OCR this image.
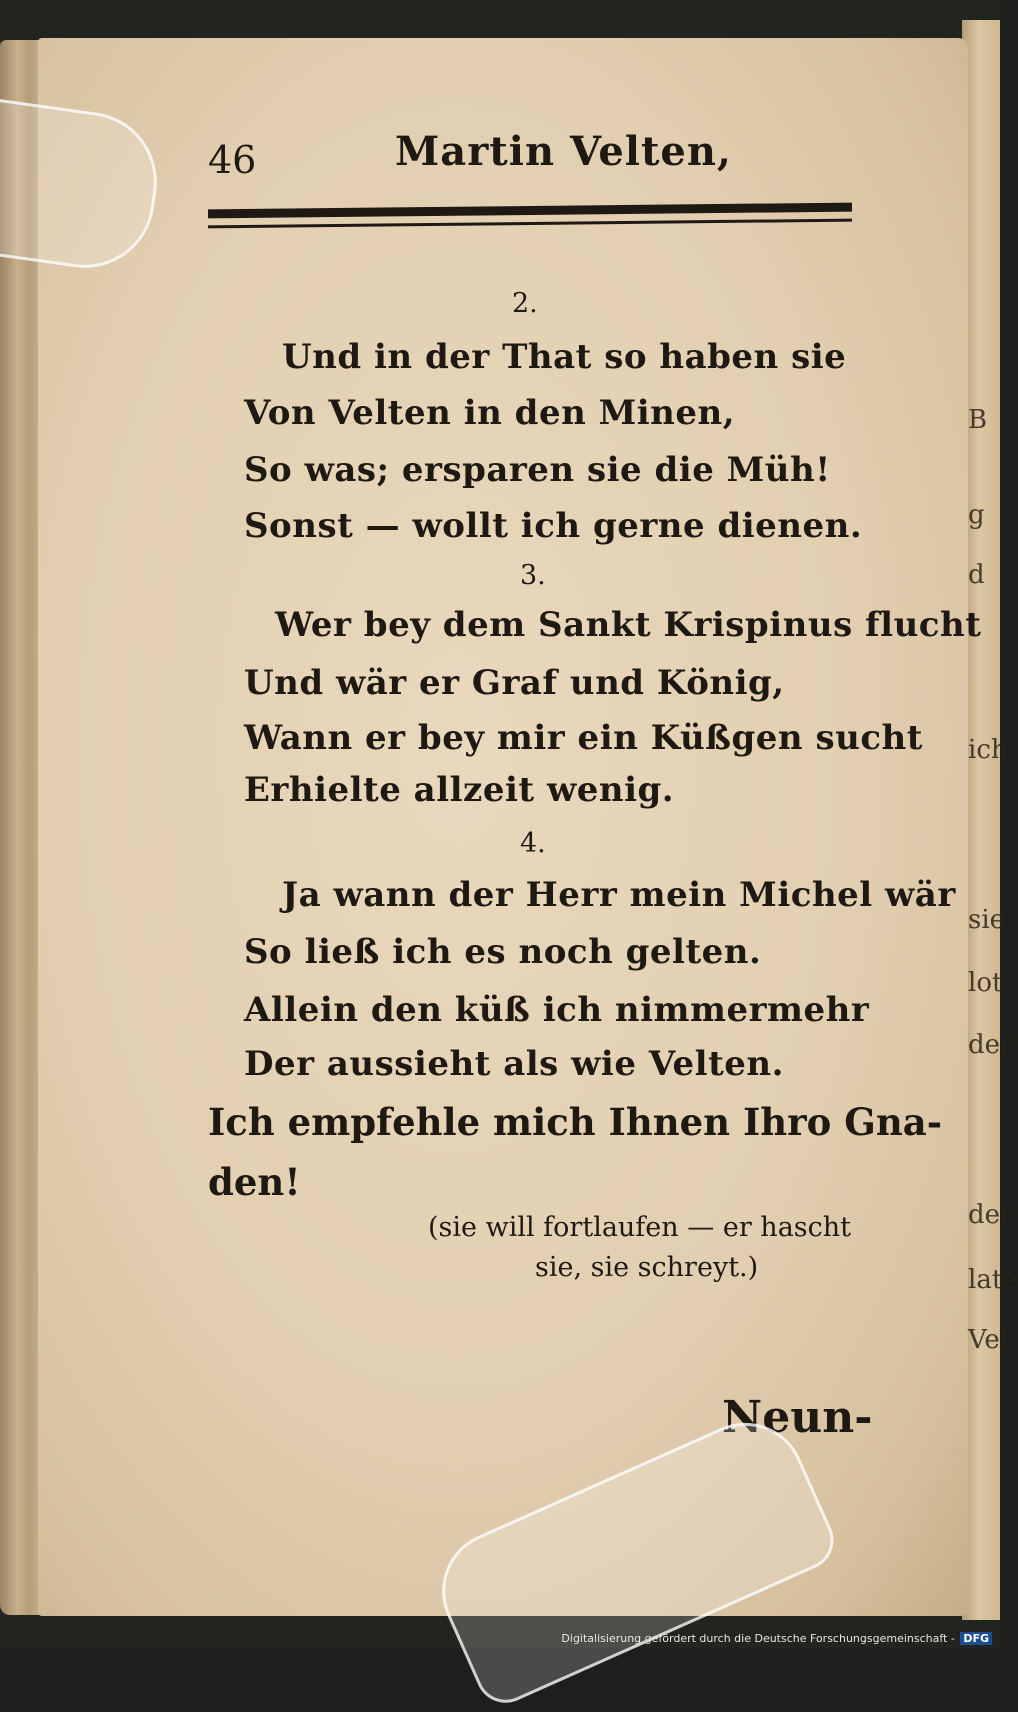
B
g
d
ich
sie
lot
der
der
late
Vel
46	Martin Velten,
2.
Und in der That so haben sie
Von Velten in den Minen,
So was; ersparen sie die Müh!
Sonst — wollt ich gerne dienen.
3.
Wer bey dem Sankt Krispinus flucht
Und wär er Graf und König,
Wann er bey mir ein Küßgen sucht
Erhielte allzeit wenig.
4.
Ja wann der Herr mein Michel wär
So ließ ich es noch gelten.
Allein den küß ich nimmermehr
Der aussieht als wie Velten.
Ich empfehle mich Ihnen Ihro Gna-
den!
(sie will fortlaufen — er hascht
sie, sie schreyt.)
Neun-
Digitalisierung gefördert durch die Deutsche Forschungsgemeinschaft - DFG
